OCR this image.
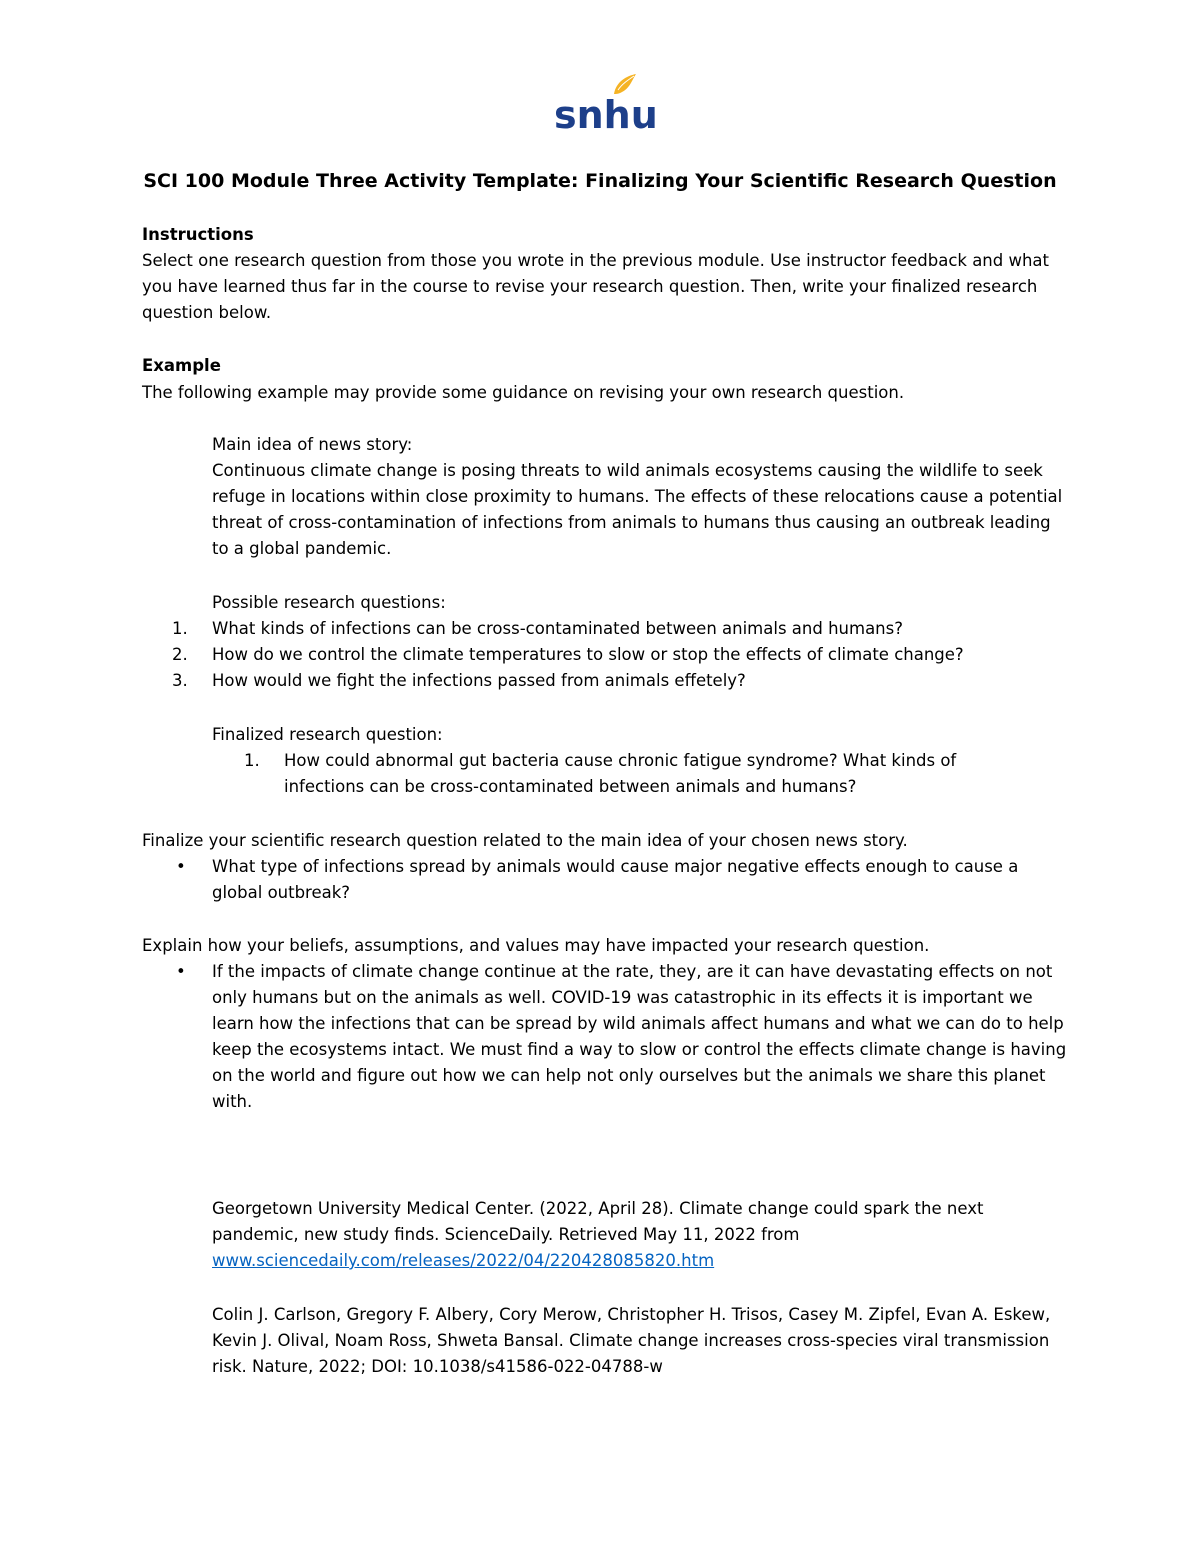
snhu
SCI 100 Module Three Activity Template: Finalizing Your Scientific Research Question
Instructions
Select one research question from those you wrote in the previous module. Use instructor feedback and what you have learned thus far in the course to revise your research question. Then, write your finalized research question below.
Example
The following example may provide some guidance on revising your own research question.
Main idea of news story:
Continuous climate change is posing threats to wild animals ecosystems causing the wildlife to seek refuge in locations within close proximity to humans. The effects of these relocations cause a potential threat of cross-contamination of infections from animals to humans thus causing an outbreak leading to a global pandemic.
Possible research questions:
1.	What kinds of infections can be cross-contaminated between animals and humans?
2.	How do we control the climate temperatures to slow or stop the effects of climate change?
3.	How would we fight the infections passed from animals effetely?
Finalized research question:
1.	How could abnormal gut bacteria cause chronic fatigue syndrome? What kinds of infections can be cross-contaminated between animals and humans?
Finalize your scientific research question related to the main idea of your chosen news story.
•	What type of infections spread by animals would cause major negative effects enough to cause a global outbreak?
Explain how your beliefs, assumptions, and values may have impacted your research question.
•	If the impacts of climate change continue at the rate, they, are it can have devastating effects on not only humans but on the animals as well. COVID-19 was catastrophic in its effects it is important we learn how the infections that can be spread by wild animals affect humans and what we can do to help keep the ecosystems intact. We must find a way to slow or control the effects climate change is having on the world and figure out how we can help not only ourselves but the animals we share this planet with.
Georgetown University Medical Center. (2022, April 28). Climate change could spark the next pandemic, new study finds. ScienceDaily. Retrieved May 11, 2022 from www.sciencedaily.com/releases/2022/04/220428085820.htm
Colin J. Carlson, Gregory F. Albery, Cory Merow, Christopher H. Trisos, Casey M. Zipfel, Evan A. Eskew, Kevin J. Olival, Noam Ross, Shweta Bansal. Climate change increases cross-species viral transmission risk. Nature, 2022; DOI: 10.1038/s41586-022-04788-w
